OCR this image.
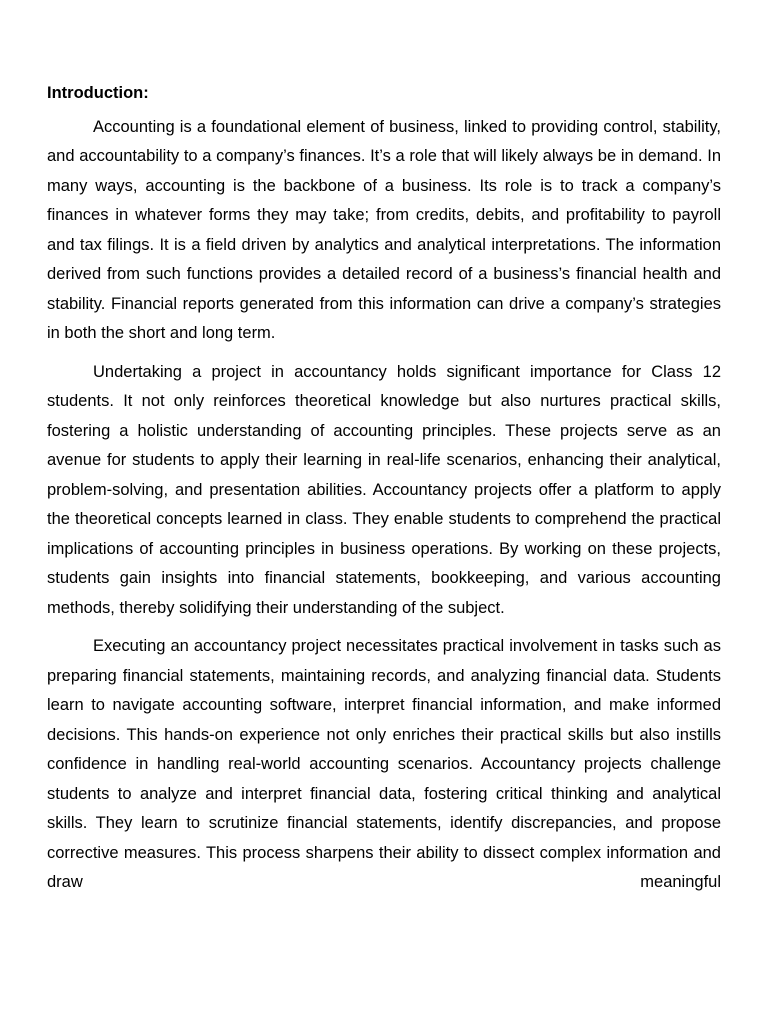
Introduction:

Accounting is a foundational element of business, linked to providing control, stability, and accountability to a company’s finances. It’s a role that will likely always be in demand. In many ways, accounting is the backbone of a business. Its role is to track a company’s finances in whatever forms they may take; from credits, debits, and profitability to payroll and tax filings. It is a field driven by analytics and analytical interpretations. The information derived from such functions provides a detailed record of a business’s financial health and stability. Financial reports generated from this information can drive a company’s strategies in both the short and long term.

Undertaking a project in accountancy holds significant importance for Class 12 students. It not only reinforces theoretical knowledge but also nurtures practical skills, fostering a holistic understanding of accounting principles. These projects serve as an avenue for students to apply their learning in real-life scenarios, enhancing their analytical, problem-solving, and presentation abilities. Accountancy projects offer a platform to apply the theoretical concepts learned in class. They enable students to comprehend the practical implications of accounting principles in business operations. By working on these projects, students gain insights into financial statements, bookkeeping, and various accounting methods, thereby solidifying their understanding of the subject.

Executing an accountancy project necessitates practical involvement in tasks such as preparing financial statements, maintaining records, and analyzing financial data. Students learn to navigate accounting software, interpret financial information, and make informed decisions. This hands-on experience not only enriches their practical skills but also instills confidence in handling real-world accounting scenarios. Accountancy projects challenge students to analyze and interpret financial data, fostering critical thinking and analytical skills. They learn to scrutinize financial statements, identify discrepancies, and propose corrective measures. This process sharpens their ability to dissect complex information and draw meaningful
